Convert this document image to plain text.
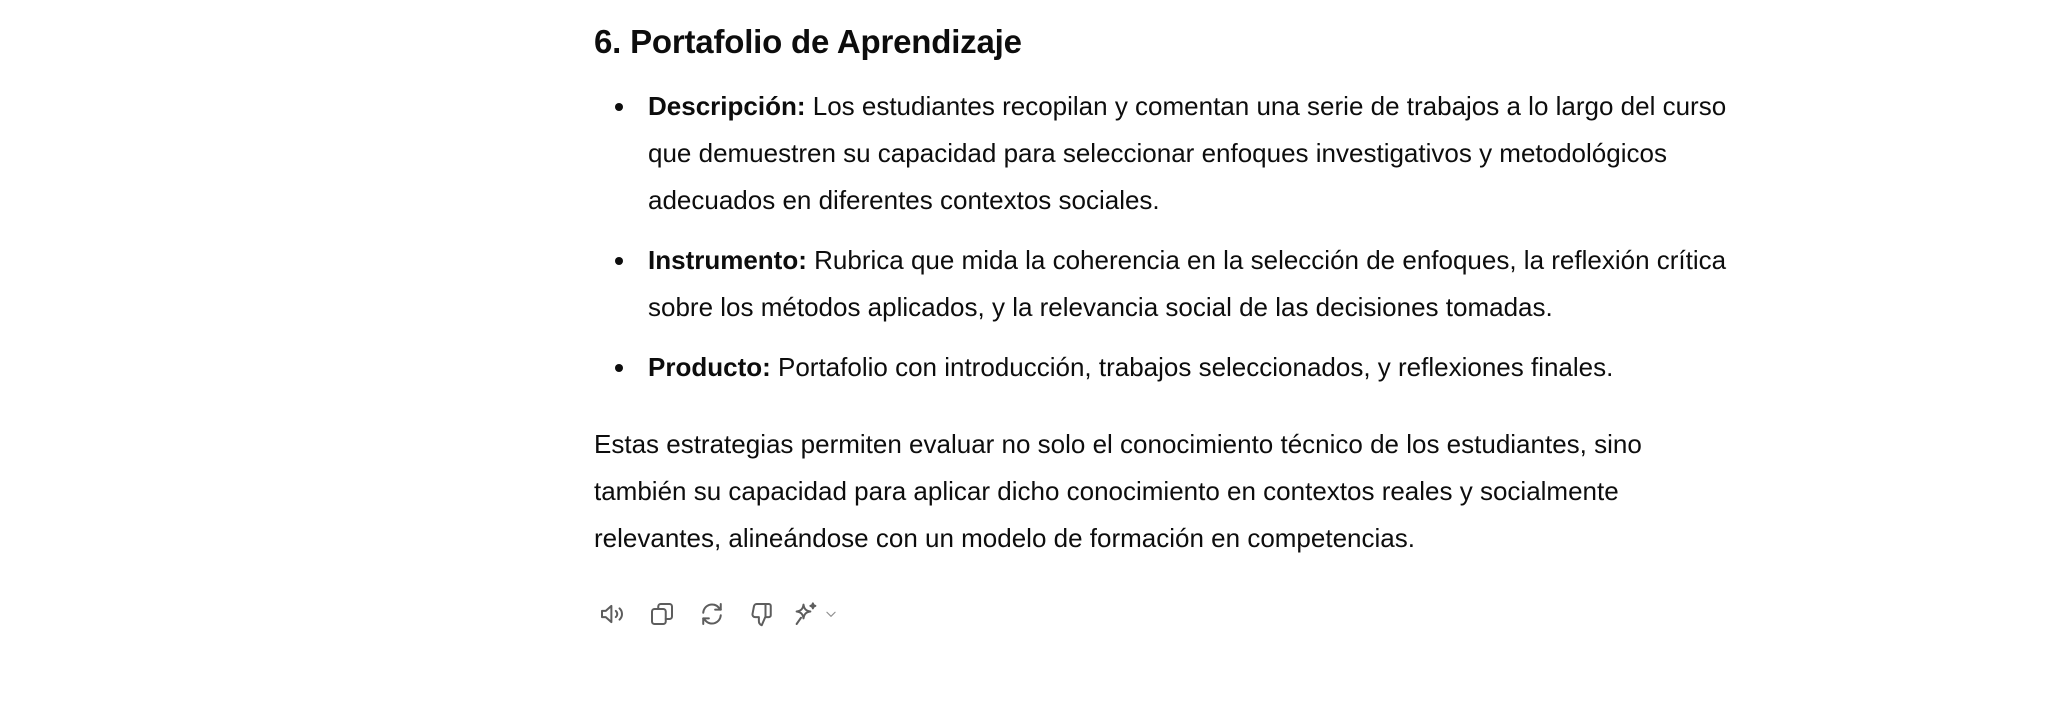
6. Portafolio de Aprendizaje
Descripción: Los estudiantes recopilan y comentan una serie de trabajos a lo largo del curso
que demuestren su capacidad para seleccionar enfoques investigativos y metodológicos
adecuados en diferentes contextos sociales.
Instrumento: Rubrica que mida la coherencia en la selección de enfoques, la reflexión crítica
sobre los métodos aplicados, y la relevancia social de las decisiones tomadas.
Producto: Portafolio con introducción, trabajos seleccionados, y reflexiones finales.

Estas estrategias permiten evaluar no solo el conocimiento técnico de los estudiantes, sino
también su capacidad para aplicar dicho conocimiento en contextos reales y socialmente
relevantes, alineándose con un modelo de formación en competencias.
